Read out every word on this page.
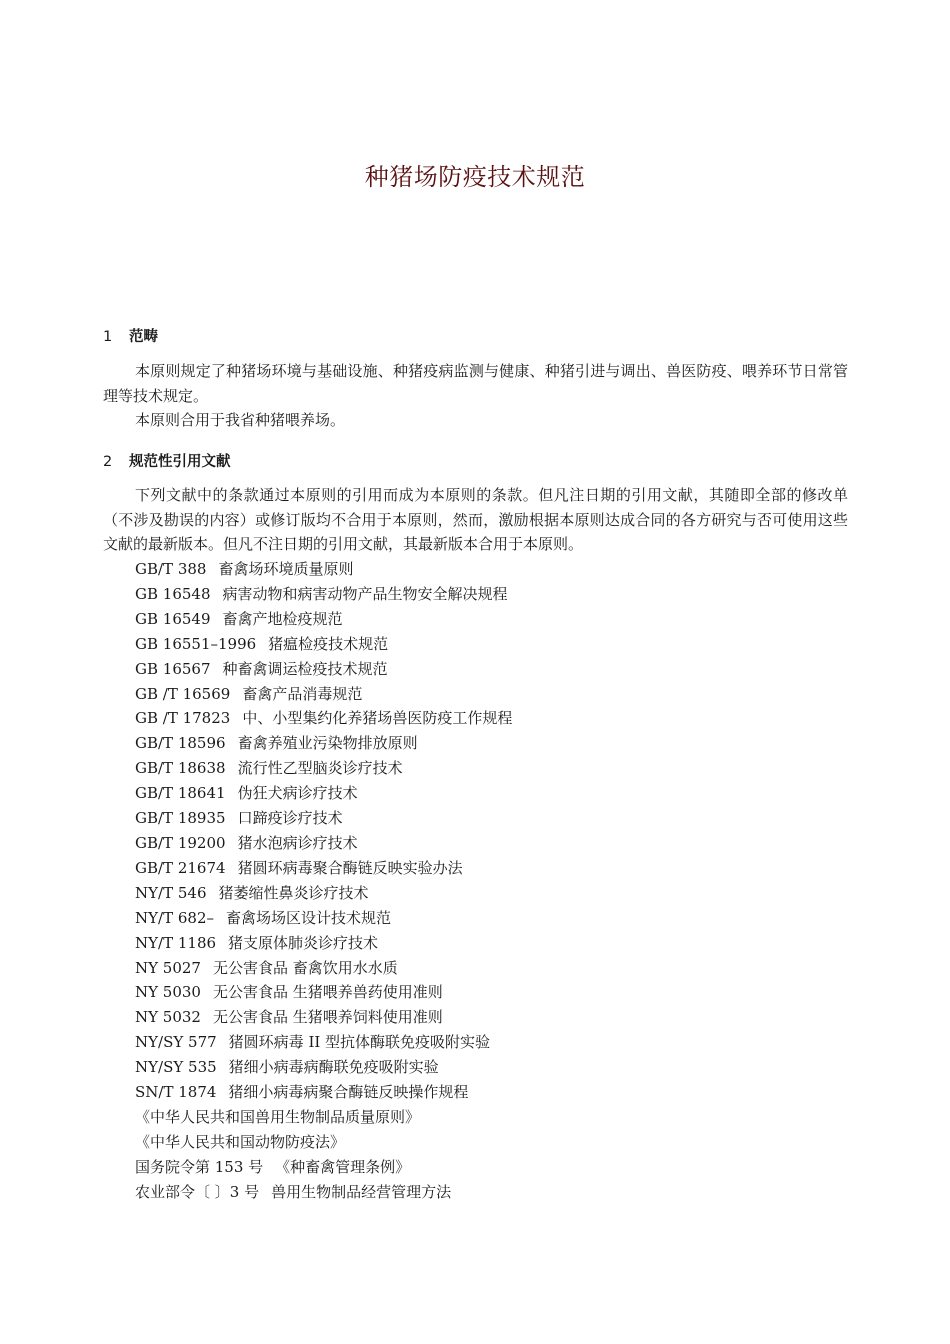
种猪场防疫技术规范
1 范畴

本原则规定了种猪场环境与基础设施、种猪疫病监测与健康、种猪引进与调出、兽医防疫、喂养环节日常管理等技术规定。

本原则合用于我省种猪喂养场。

2 规范性引用文献

下列文献中的条款通过本原则的引用而成为本原则的条款。但凡注日期的引用文献，其随即全部的修改单（不涉及勘误的内容）或修订版均不合用于本原则，然而，激励根据本原则达成合同的各方研究与否可使用这些文献的最新版本。但凡不注日期的引用文献，其最新版本合用于本原则。

GB/T 388 畜禽场环境质量原则
GB 16548 病害动物和病害动物产品生物安全解决规程
GB 16549 畜禽产地检疫规范
GB 16551–1996 猪瘟检疫技术规范
GB 16567 种畜禽调运检疫技术规范
GB /T 16569 畜禽产品消毒规范
GB /T 17823 中、小型集约化养猪场兽医防疫工作规程
GB/T 18596 畜禽养殖业污染物排放原则
GB/T 18638 流行性乙型脑炎诊疗技术
GB/T 18641 伪狂犬病诊疗技术
GB/T 18935 口蹄疫诊疗技术
GB/T 19200 猪水泡病诊疗技术
GB/T 21674 猪圆环病毒聚合酶链反映实验办法
NY/T 546 猪萎缩性鼻炎诊疗技术
NY/T 682– 畜禽场场区设计技术规范
NY/T 1186 猪支原体肺炎诊疗技术
NY 5027 无公害食品 畜禽饮用水水质
NY 5030 无公害食品 生猪喂养兽药使用准则
NY 5032 无公害食品 生猪喂养饲料使用准则
NY/SY 577 猪圆环病毒 II 型抗体酶联免疫吸附实验
NY/SY 535 猪细小病毒病酶联免疫吸附实验
SN/T 1874 猪细小病毒病聚合酶链反映操作规程
《中华人民共和国兽用生物制品质量原则》
《中华人民共和国动物防疫法》
国务院令第 153 号 《种畜禽管理条例》
农业部令〔 〕3 号 兽用生物制品经营管理方法
